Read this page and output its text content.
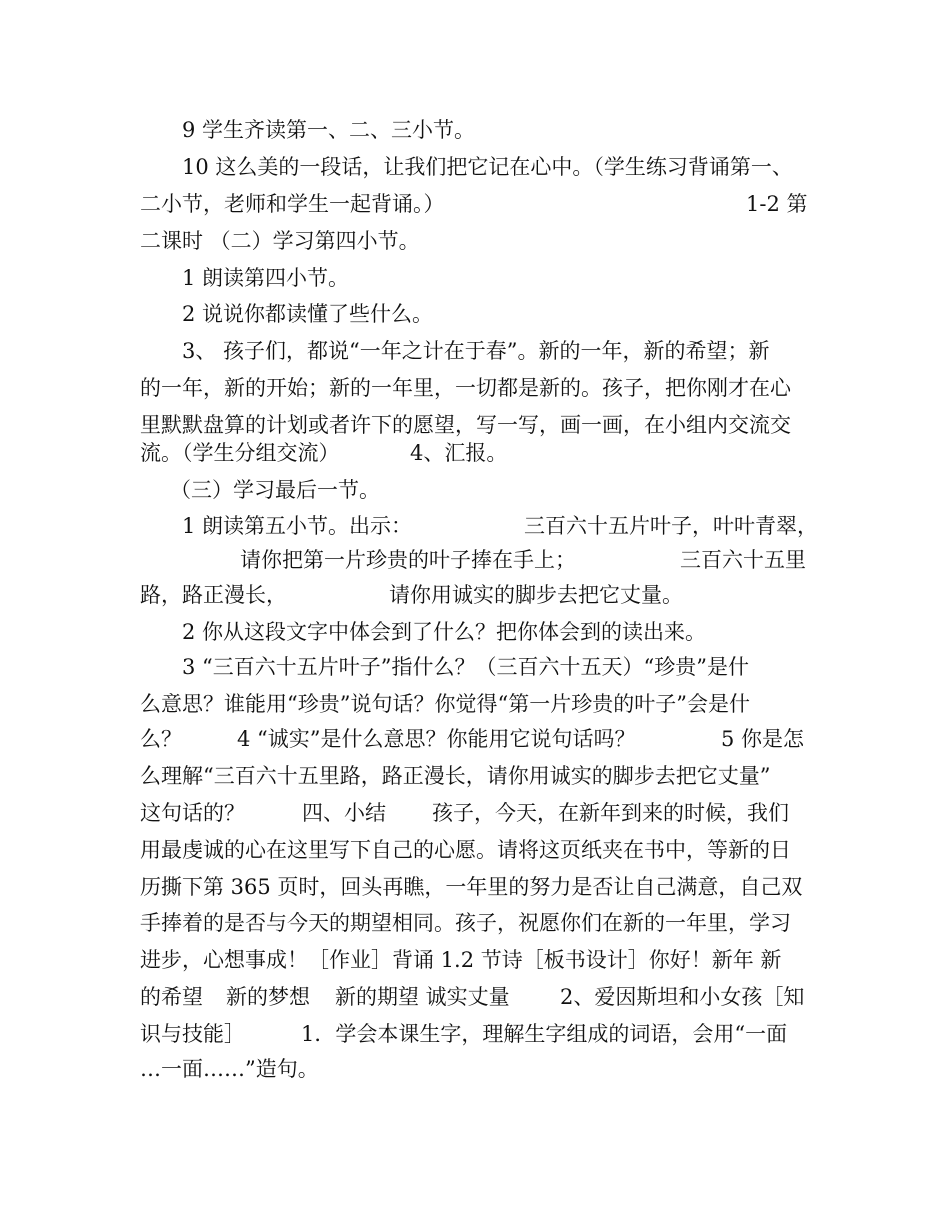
9 学生齐读第一、二、三小节。

10 这么美的一段话，让我们把它记在心中。（学生练习背诵第一、

二小节，老师和学生一起背诵。）

	1-2 第

二课时 （二）学习第四小节。

1 朗读第四小节。

2 说说你都读懂了些什么。

3、 孩子们，都说“一年之计在于春”。新的一年，新的希望；新

的一年，新的开始；新的一年里，一切都是新的。孩子，把你刚才在心

里默默盘算的计划或者许下的愿望，写一写，画一画，在小组内交流交

流。（学生分组交流）

	4、汇报。

（三）学习最后一节。

1 朗读第五小节。出示：

	三百六十五片叶子，叶叶青翠，

请你把第一片珍贵的叶子捧在手上；

	三百六十五里

路，路正漫长，

	请你用诚实的脚步去把它丈量。

2 你从这段文字中体会到了什么？把你体会到的读出来。

3 “三百六十五片叶子”指什么？（三百六十五天）“珍贵”是什

么意思？谁能用“珍贵”说句话？你觉得“第一片珍贵的叶子”会是什

么？

	4 “诚实”是什么意思？你能用它说句话吗？

	5 你是怎

么理解“三百六十五里路，路正漫长，请你用诚实的脚步去把它丈量”

这句话的？

	四、小结

孩子，今天，在新年到来的时候，我们

用最虔诚的心在这里写下自己的心愿。请将这页纸夹在书中，等新的日

历撕下第 365 页时，回头再瞧，一年里的努力是否让自己满意，自己双

手捧着的是否与今天的期望相同。孩子，祝愿你们在新的一年里，学习

进步，心想事成！［作业］背诵 1.2 节诗［板书设计］你好！新年 新

的希望

新的梦想

新的期望 诚实丈量

2、爱因斯坦和小女孩［知

识与技能］

	1．学会本课生字，理解生字组成的词语，会用“一面

…一面……”造句。
